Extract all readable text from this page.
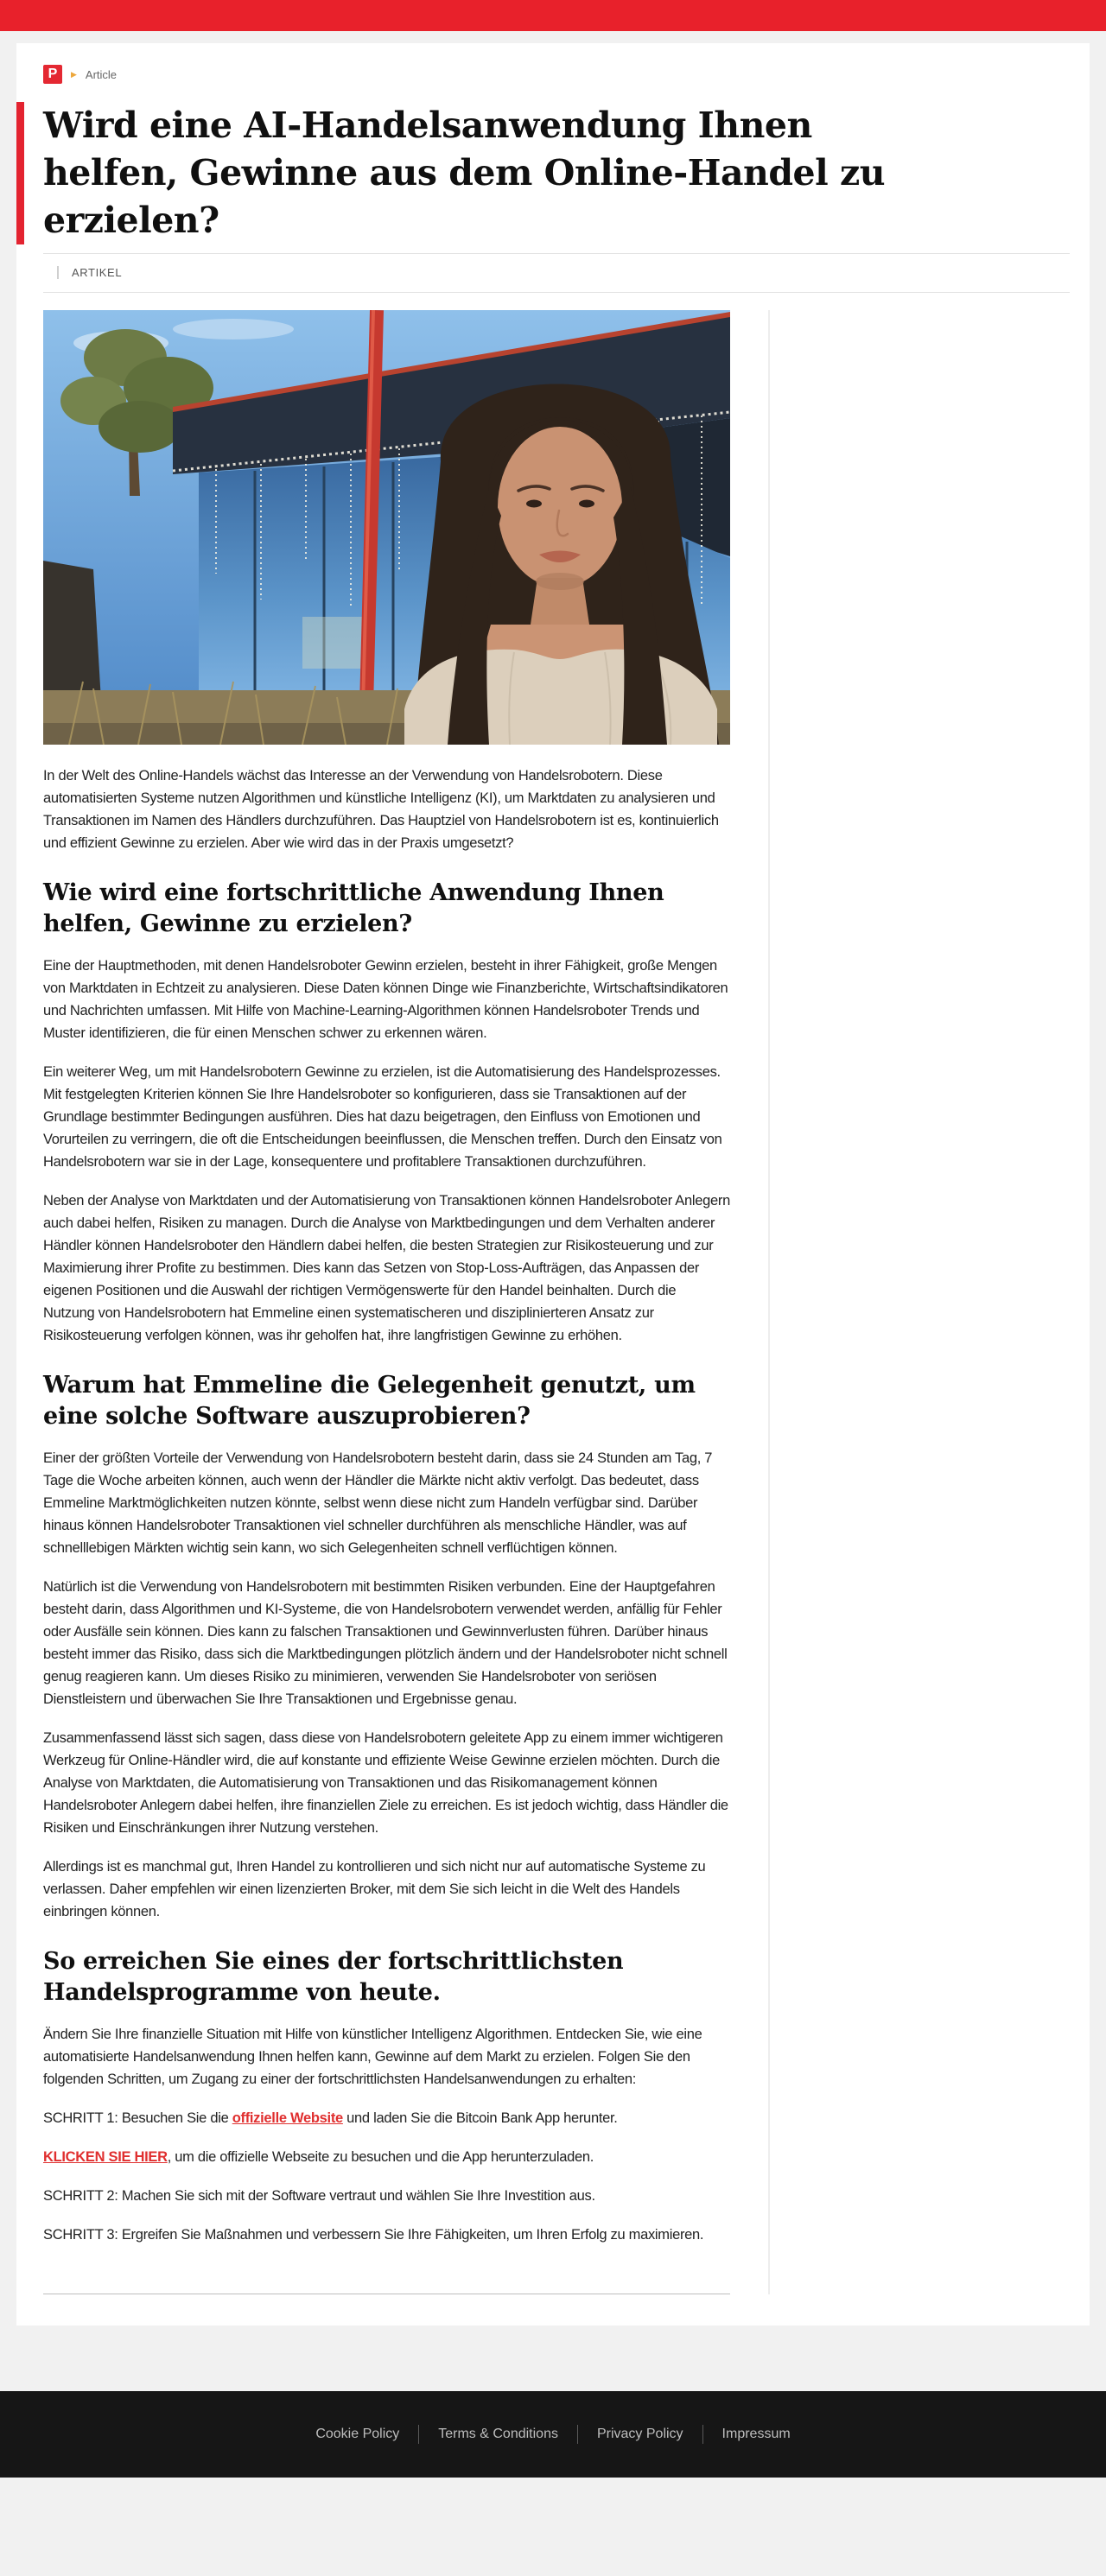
P	▶ Article
Wird eine AI-Handelsanwendung Ihnen helfen, Gewinne aus dem Online-Handel zu erzielen?
ARTIKEL

In der Welt des Online-Handels wächst das Interesse an der Verwendung von Handelsrobotern. Diese automatisierten Systeme nutzen Algorithmen und künstliche Intelligenz (KI), um Marktdaten zu analysieren und Transaktionen im Namen des Händlers durchzuführen. Das Hauptziel von Handelsrobotern ist es, kontinuierlich und effizient Gewinne zu erzielen. Aber wie wird das in der Praxis umgesetzt?

Wie wird eine fortschrittliche Anwendung Ihnen helfen, Gewinne zu erzielen?

Eine der Hauptmethoden, mit denen Handelsroboter Gewinn erzielen, besteht in ihrer Fähigkeit, große Mengen von Marktdaten in Echtzeit zu analysieren. Diese Daten können Dinge wie Finanzberichte, Wirtschaftsindikatoren und Nachrichten umfassen. Mit Hilfe von Machine-Learning-Algorithmen können Handelsroboter Trends und Muster identifizieren, die für einen Menschen schwer zu erkennen wären.

Ein weiterer Weg, um mit Handelsrobotern Gewinne zu erzielen, ist die Automatisierung des Handelsprozesses. Mit festgelegten Kriterien können Sie Ihre Handelsroboter so konfigurieren, dass sie Transaktionen auf der Grundlage bestimmter Bedingungen ausführen. Dies hat dazu beigetragen, den Einfluss von Emotionen und Vorurteilen zu verringern, die oft die Entscheidungen beeinflussen, die Menschen treffen. Durch den Einsatz von Handelsrobotern war sie in der Lage, konsequentere und profitablere Transaktionen durchzuführen.

Neben der Analyse von Marktdaten und der Automatisierung von Transaktionen können Handelsroboter Anlegern auch dabei helfen, Risiken zu managen. Durch die Analyse von Marktbedingungen und dem Verhalten anderer Händler können Handelsroboter den Händlern dabei helfen, die besten Strategien zur Risikosteuerung und zur Maximierung ihrer Profite zu bestimmen. Dies kann das Setzen von Stop-Loss-Aufträgen, das Anpassen der eigenen Positionen und die Auswahl der richtigen Vermögenswerte für den Handel beinhalten. Durch die Nutzung von Handelsrobotern hat Emmeline einen systematischeren und disziplinierteren Ansatz zur Risikosteuerung verfolgen können, was ihr geholfen hat, ihre langfristigen Gewinne zu erhöhen.

Warum hat Emmeline die Gelegenheit genutzt, um eine solche Software auszuprobieren?

Einer der größten Vorteile der Verwendung von Handelsrobotern besteht darin, dass sie 24 Stunden am Tag, 7 Tage die Woche arbeiten können, auch wenn der Händler die Märkte nicht aktiv verfolgt. Das bedeutet, dass Emmeline Marktmöglichkeiten nutzen könnte, selbst wenn diese nicht zum Handeln verfügbar sind. Darüber hinaus können Handelsroboter Transaktionen viel schneller durchführen als menschliche Händler, was auf schnelllebigen Märkten wichtig sein kann, wo sich Gelegenheiten schnell verflüchtigen können.

Natürlich ist die Verwendung von Handelsrobotern mit bestimmten Risiken verbunden. Eine der Hauptgefahren besteht darin, dass Algorithmen und KI-Systeme, die von Handelsrobotern verwendet werden, anfällig für Fehler oder Ausfälle sein können. Dies kann zu falschen Transaktionen und Gewinnverlusten führen. Darüber hinaus besteht immer das Risiko, dass sich die Marktbedingungen plötzlich ändern und der Handelsroboter nicht schnell genug reagieren kann. Um dieses Risiko zu minimieren, verwenden Sie Handelsroboter von seriösen Dienstleistern und überwachen Sie Ihre Transaktionen und Ergebnisse genau.

Zusammenfassend lässt sich sagen, dass diese von Handelsrobotern geleitete App zu einem immer wichtigeren Werkzeug für Online-Händler wird, die auf konstante und effiziente Weise Gewinne erzielen möchten. Durch die Analyse von Marktdaten, die Automatisierung von Transaktionen und das Risikomanagement können Handelsroboter Anlegern dabei helfen, ihre finanziellen Ziele zu erreichen. Es ist jedoch wichtig, dass Händler die Risiken und Einschränkungen ihrer Nutzung verstehen.

Allerdings ist es manchmal gut, Ihren Handel zu kontrollieren und sich nicht nur auf automatische Systeme zu verlassen. Daher empfehlen wir einen lizenzierten Broker, mit dem Sie sich leicht in die Welt des Handels einbringen können.

So erreichen Sie eines der fortschrittlichsten Handelsprogramme von heute.

Ändern Sie Ihre finanzielle Situation mit Hilfe von künstlicher Intelligenz Algorithmen. Entdecken Sie, wie eine automatisierte Handelsanwendung Ihnen helfen kann, Gewinne auf dem Markt zu erzielen. Folgen Sie den folgenden Schritten, um Zugang zu einer der fortschrittlichsten Handelsanwendungen zu erhalten:

SCHRITT 1: Besuchen Sie die offizielle Website und laden Sie die Bitcoin Bank App herunter.

KLICKEN SIE HIER, um die offizielle Webseite zu besuchen und die App herunterzuladen.

SCHRITT 2: Machen Sie sich mit der Software vertraut und wählen Sie Ihre Investition aus.

SCHRITT 3: Ergreifen Sie Maßnahmen und verbessern Sie Ihre Fähigkeiten, um Ihren Erfolg zu maximieren.

Cookie Policy	Terms & Conditions	Privacy Policy	Impressum
